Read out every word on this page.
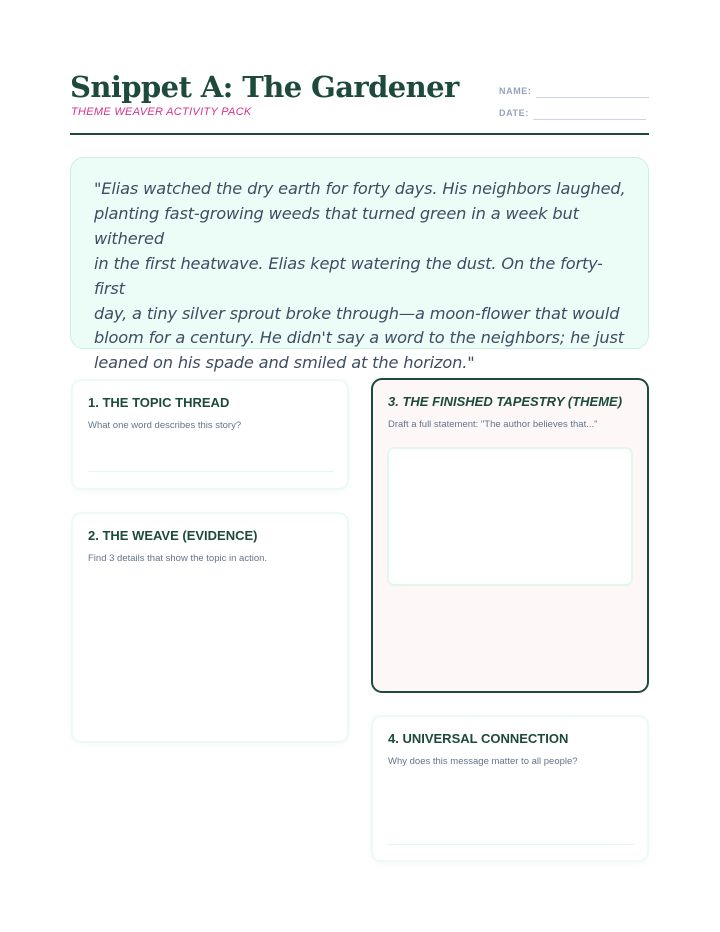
Snippet A: The Gardener
THEME WEAVER ACTIVITY PACK
NAME:
DATE:

"Elias watched the dry earth for forty days. His neighbors laughed,
planting fast-growing weeds that turned green in a week but withered
in the first heatwave. Elias kept watering the dust. On the forty-first
day, a tiny silver sprout broke through—a moon-flower that would
bloom for a century. He didn't say a word to the neighbors; he just
leaned on his spade and smiled at the horizon."

1. THE TOPIC THREAD

What one word describes this story?

2. THE WEAVE (EVIDENCE)

Find 3 details that show the topic in action.

3. THE FINISHED TAPESTRY (THEME)

Draft a full statement: "The author believes that..."

4. UNIVERSAL CONNECTION

Why does this message matter to all people?
